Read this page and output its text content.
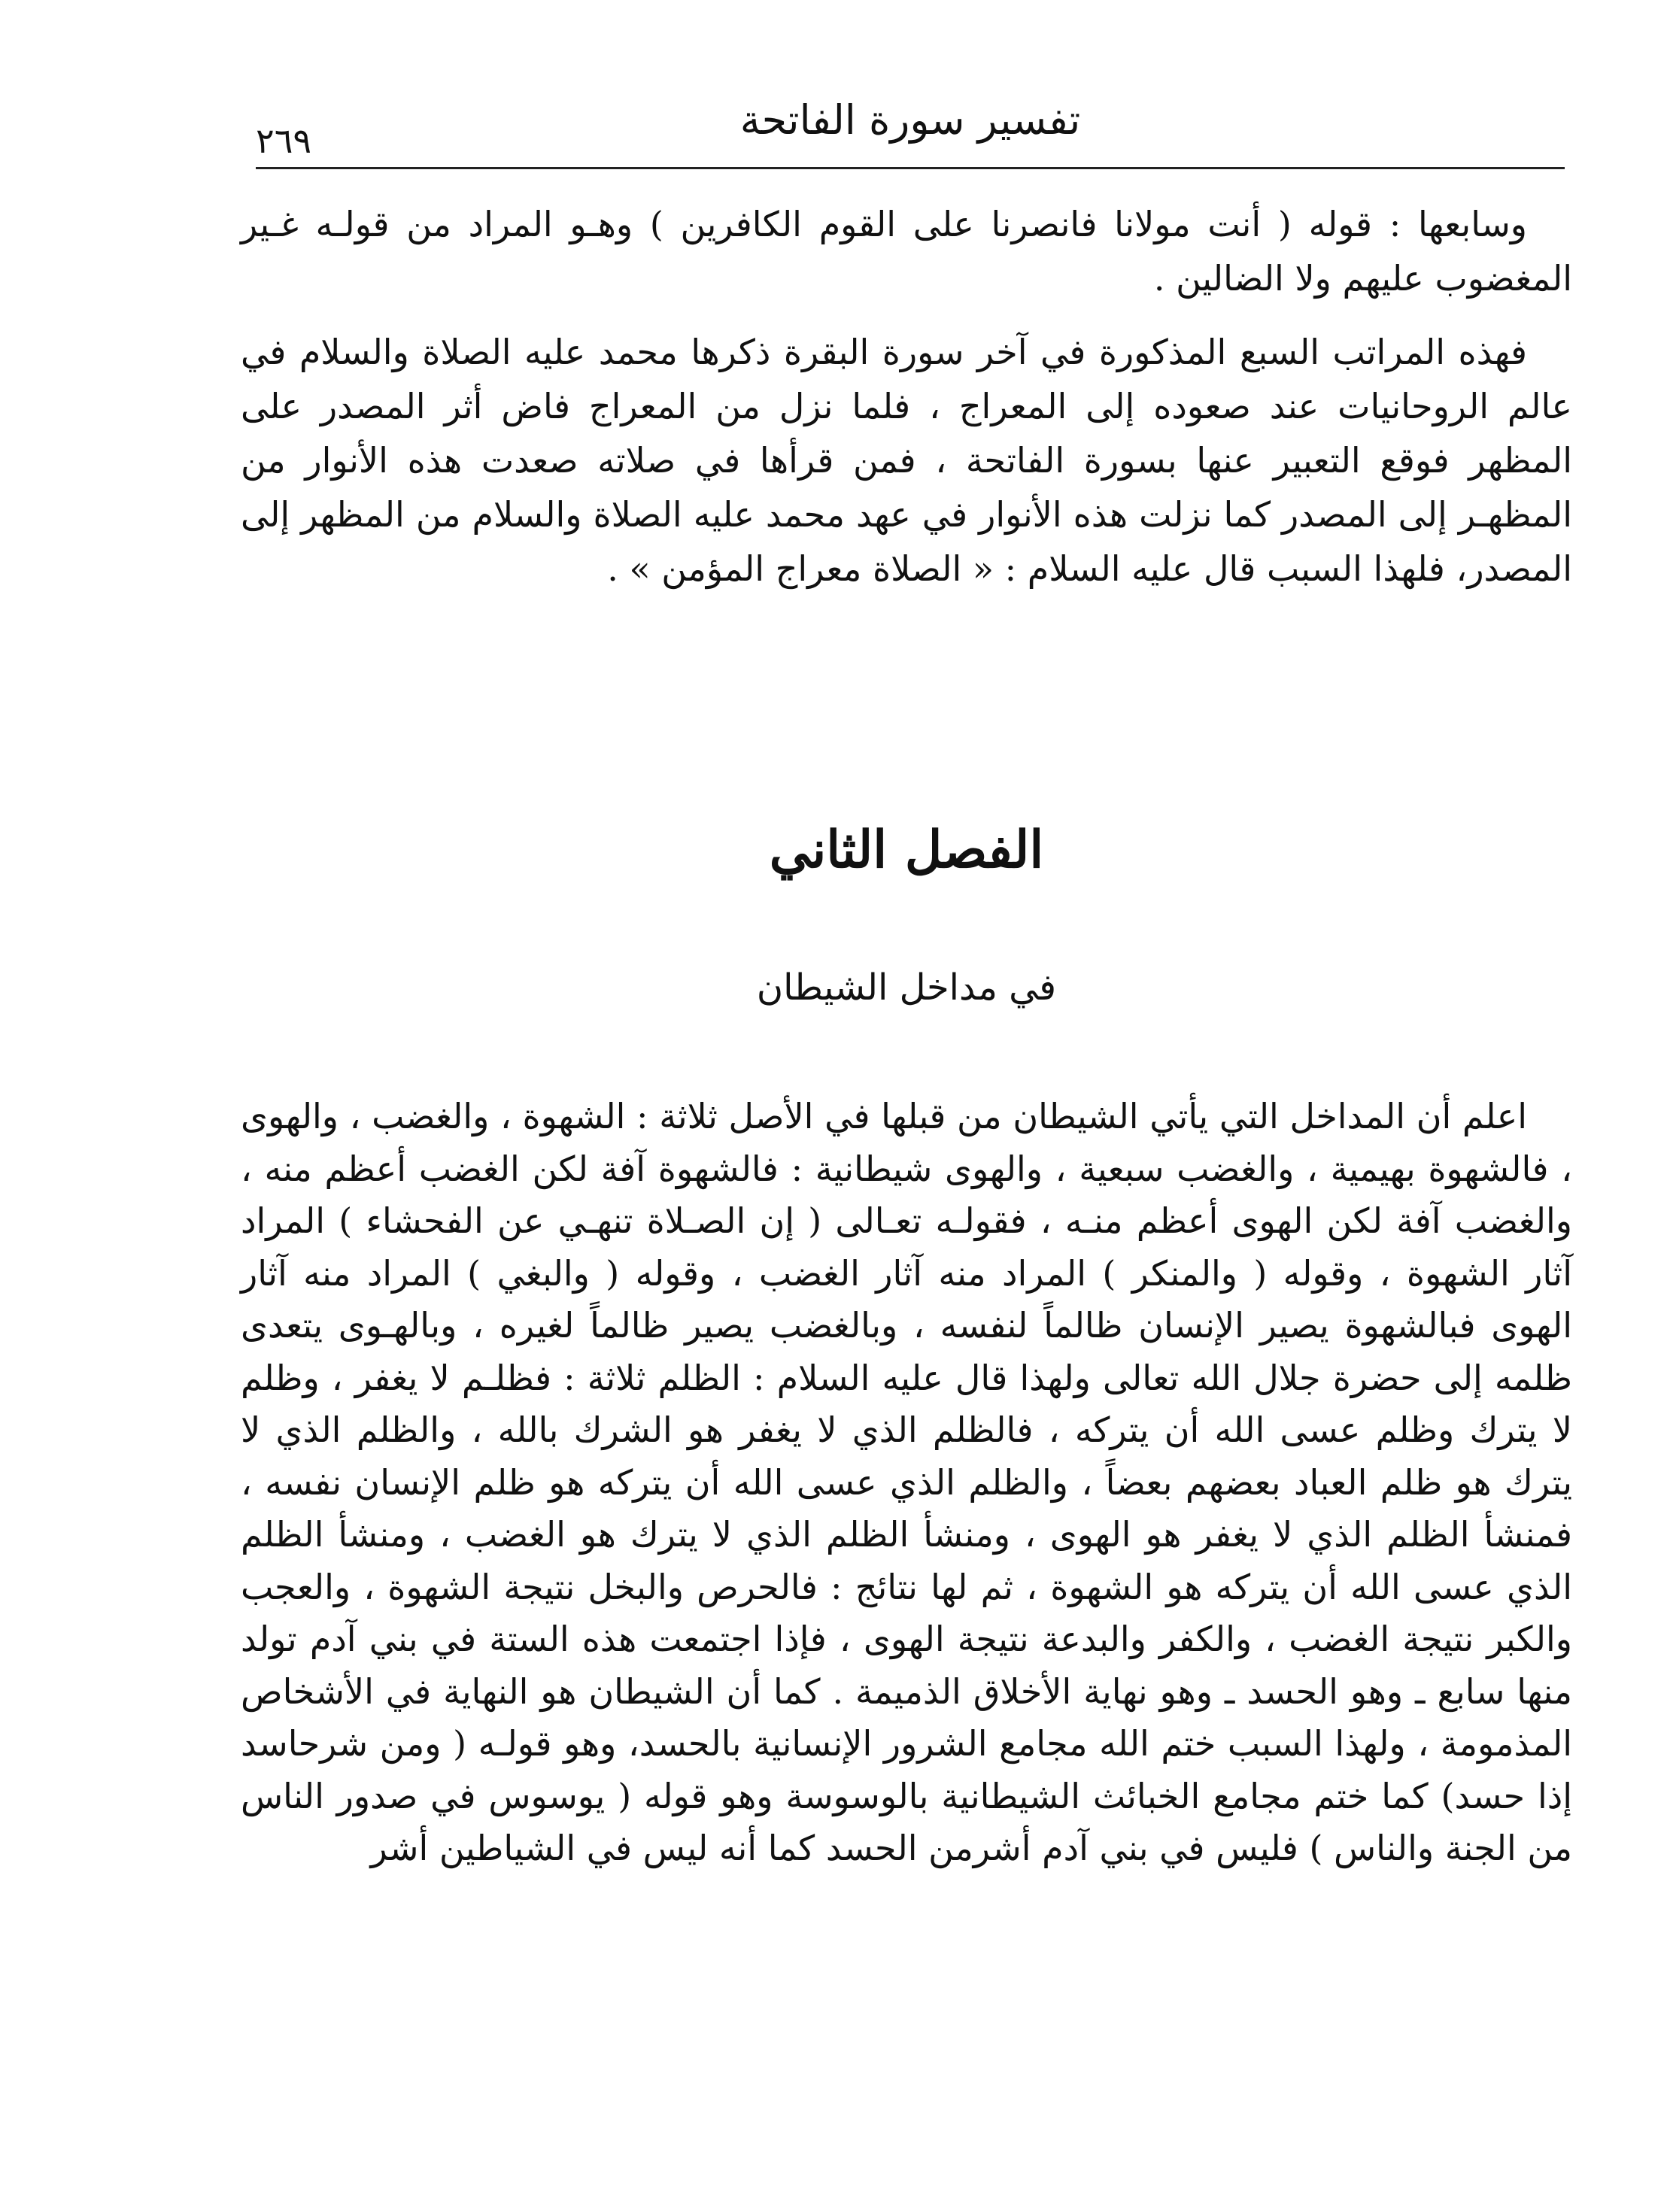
تفسير سورة الفاتحة
٢٦٩

وسابعها : قوله ( أنت مولانا فانصرنا على القوم الكافرين ) وهـو المراد من قولـه غـير المغضوب عليهم ولا الضالين .

فهذه المراتب السبع المذكورة في آخر سورة البقرة ذكرها محمد عليه الصلاة والسلام في عالم الروحانيات عند صعوده إلى المعراج ، فلما نزل من المعراج فاض أثر المصدر على المظهر فوقع التعبير عنها بسورة الفاتحة ، فمن قرأها في صلاته صعدت هذه الأنوار من المظهـر إلى المصدر كما نزلت هذه الأنوار في عهد محمد عليه الصلاة والسلام من المظهر إلى المصدر، فلهذا السبب قال عليه السلام : « الصلاة معراج المؤمن » .

الفصل الثاني
في مداخل الشيطان

اعلم أن المداخل التي يأتي الشيطان من قبلها في الأصل ثلاثة : الشهوة ، والغضب ، والهوى ، فالشهوة بهيمية ، والغضب سبعية ، والهوى شيطانية : فالشهوة آفة لكن الغضب أعظم منه ، والغضب آفة لكن الهوى أعظم منـه ، فقولـه تعـالى ( إن الصـلاة تنهـي عن الفحشاء ) المراد آثار الشهوة ، وقوله ( والمنكر ) المراد منه آثار الغضب ، وقوله ( والبغي ) المراد منه آثار الهوى فبالشهوة يصير الإنسان ظالماً لنفسه ، وبالغضب يصير ظالماً لغيره ، وبالهـوى يتعدى ظلمه إلى حضرة جلال الله تعالى ولهذا قال عليه السلام : الظلم ثلاثة : فظلـم لا يغفر ، وظلم لا يترك وظلم عسى الله أن يتركه ، فالظلم الذي لا يغفر هو الشرك بالله ، والظلم الذي لا يترك هو ظلم العباد بعضهم بعضاً ، والظلم الذي عسى الله أن يتركه هو ظلم الإنسان نفسه ، فمنشأ الظلم الذي لا يغفر هو الهوى ، ومنشأ الظلم الذي لا يترك هو الغضب ، ومنشأ الظلم الذي عسى الله أن يتركه هو الشهوة ، ثم لها نتائج : فالحرص والبخل نتيجة الشهوة ، والعجب والكبر نتيجة الغضب ، والكفر والبدعة نتيجة الهوى ، فإذا اجتمعت هذه الستة في بني آدم تولد منها سابع ـ وهو الحسد ـ وهو نهاية الأخلاق الذميمة . كما أن الشيطان هو النهاية في الأشخاص المذمومة ، ولهذا السبب ختم الله مجامع الشرور الإنسانية بالحسد، وهو قولـه ( ومن شرحاسد إذا حسد) كما ختم مجامع الخبائث الشيطانية بالوسوسة وهو قوله ( يوسوس في صدور الناس من الجنة والناس ) فليس في بني آدم أشرمن الحسد كما أنه ليس في الشياطين أشر
